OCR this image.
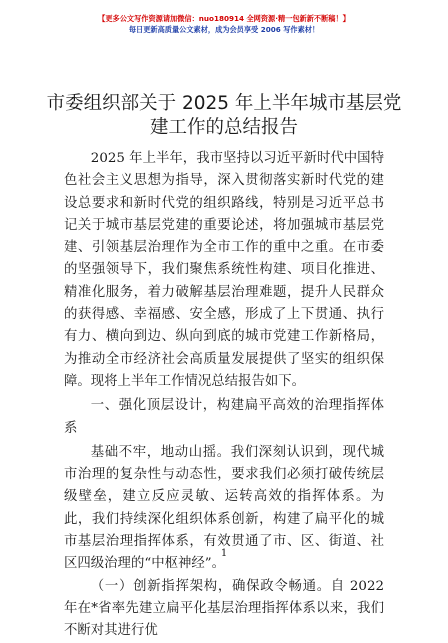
【更多公文写作资源请加微信：nuo180914 全网资源·精一包新新不断稿！】
每日更新高质量公文素材，成为会员享受 2006 写作素材！
市委组织部关于 2025 年上半年城市基层党建工作的总结报告

2025 年上半年，我市坚持以习近平新时代中国特色社会主义思想为指导，深入贯彻落实新时代党的建设总要求和新时代党的组织路线，特别是习近平总书记关于城市基层党建的重要论述，将加强城市基层党建、引领基层治理作为全市工作的重中之重。在市委的坚强领导下，我们聚焦系统性构建、项目化推进、精准化服务，着力破解基层治理难题，提升人民群众的获得感、幸福感、安全感，形成了上下贯通、执行有力、横向到边、纵向到底的城市党建工作新格局，为推动全市经济社会高质量发展提供了坚实的组织保障。现将上半年工作情况总结报告如下。

一、强化顶层设计，构建扁平高效的治理指挥体系

基础不牢，地动山摇。我们深刻认识到，现代城市治理的复杂性与动态性，要求我们必须打破传统层级壁垒，建立反应灵敏、运转高效的指挥体系。为此，我们持续深化组织体系创新，构建了扁平化的城市基层治理指挥体系，有效贯通了市、区、街道、社区四级治理的“中枢神经”。

（一）创新指挥架构，确保政令畅通。自 2022 年在*省率先建立扁平化基层治理指挥体系以来，我们不断对其进行优

1
